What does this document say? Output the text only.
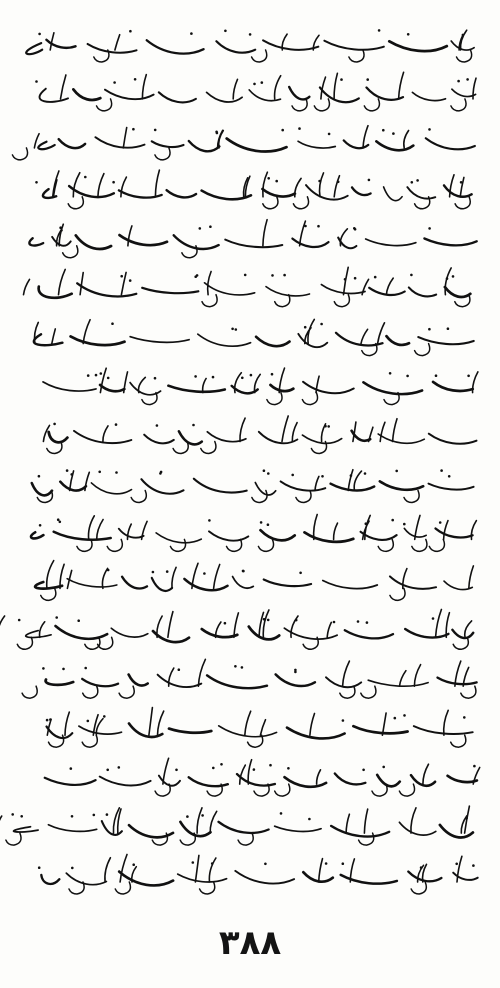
٣٨٨
